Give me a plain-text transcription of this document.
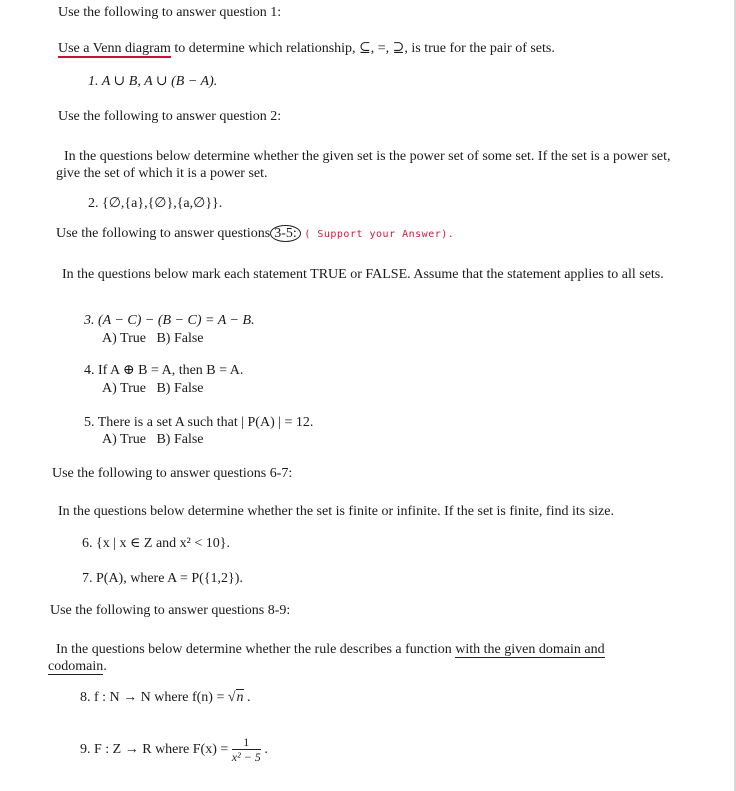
Use the following to answer question 1:
Use a Venn diagram to determine which relationship, ⊆, =, ⊇, is true for the pair of sets.
1. A ∪ B, A ∪ (B − A).
Use the following to answer question 2:
In the questions below determine whether the given set is the power set of some set. If the set is a power set, give the set of which it is a power set.
2. {∅,{a},{∅},{a,∅}}.
Use the following to answer questions 3-5: ( Support your Answer).
In the questions below mark each statement TRUE or FALSE. Assume that the statement applies to all sets.
3. (A − C) − (B − C) = A − B.
A) True   B) False
4. If A ⊕ B = A, then B = A.
A) True   B) False
5. There is a set A such that | P(A) | = 12.
A) True   B) False
Use the following to answer questions 6-7:
In the questions below determine whether the set is finite or infinite. If the set is finite, find its size.
6. {x | x ∈ Z and x² < 10}.
7. P(A), where A = P({1,2}).
Use the following to answer questions 8-9:
In the questions below determine whether the rule describes a function with the given domain and codomain.
8. f : N → N where f(n) = √n .
9. F : Z → R where $F(x) = \frac{1}{\text{x² − 5}}$ .
